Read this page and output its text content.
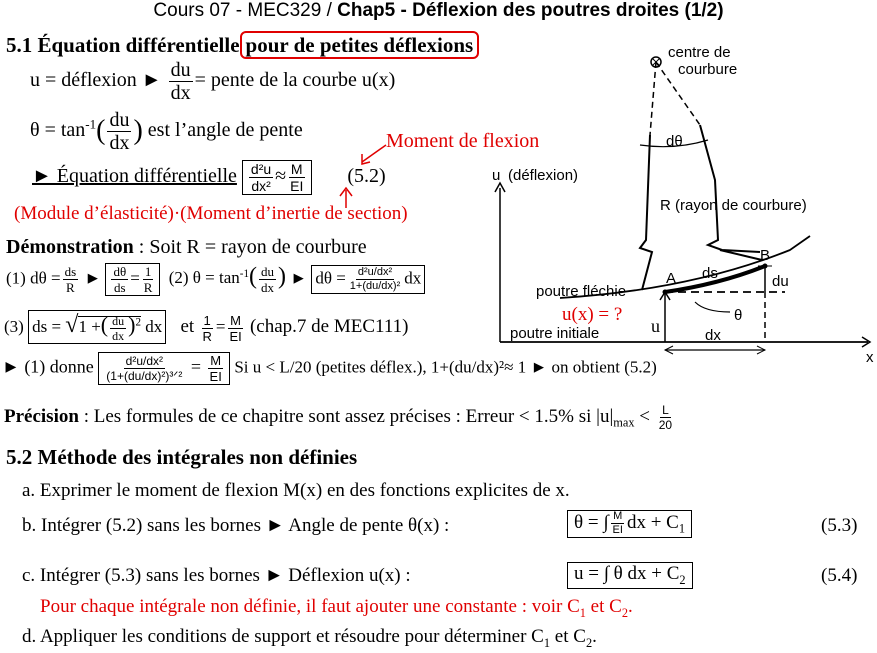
Cours 07 - MEC329 / Chap5 - Déflexion des poutres droites (1/2)
5.1 Équation différentielle pour de petites déflexions
u = déflexion ► $\frac{du}{dx}$ = pente de la courbe u(x)
$\theta = \tan^{-1}( \frac{du}{dx}$ ) est l’angle de pente	Moment de flexion
► Équation différentielle $\frac{\text{d²u}}{\text{dx²}} \approx \frac{M}{EI} (5.2)$
(Module d’élasticité)·(Moment d’inertie de section)
Démonstration : Soit R = rayon de courbure
(1) $d\theta = \frac{ds}{R}$ ► $\frac{d\theta}{ds} = \frac{1}{R} (2) \theta = \tan^{-1}( \frac{du}{dx}$ ) ► $d\theta = \frac{\text{d²u/dx²}}{\text{1+(du/dx)²}}$ dx
(3) ds = √1 +( $\frac{du}{dx} )^2$ dx et $\frac{1}{R} = \frac{M}{EI}$ (chap.7 de MEC111)
► (1) donne $\frac{\text{d²u/dx²}}{\text{(1+(du/dx)²)³ᐟ²}} = \frac{M}{EI}$ Si u < L/20 (petites déflex.), 1+(du/dx)²≈ 1 ► on obtient (5.2)
Précision : Les formules de ce chapitre sont assez précises : Erreur < 1.5% si $|u|_{max} < \frac{L}{20}$
5.2 Méthode des intégrales non définies
a. Exprimer le moment de flexion M(x) en des fonctions explicites de x.
b. Intégrer (5.2) sans les bornes ► Angle de pente θ(x) :	θ = ∫ $\frac{M}{EI}$ dx + $C_1$	(5.3)
c. Intégrer (5.3) sans les bornes ► Déflexion u(x) :	u = ∫ θ dx + $C_2$	(5.4)
Pour chaque intégrale non définie, il faut ajouter une constante : voir $C_1$ et $C_2$.
d. Appliquer les conditions de support et résoudre pour déterminer $C_1$ et $C_2$.
centre de
courbure
dθ
R (rayon de courbure)
u (déflexion)
poutre fléchie
A
B
ds	du
u(x) = ?
u
θ
poutre initiale	dx
x
